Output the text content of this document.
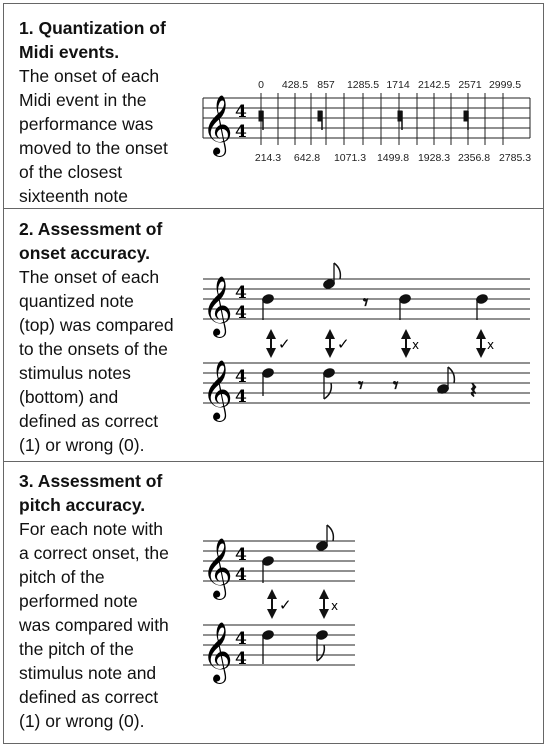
1. Quantization of
Midi events.
The onset of each
Midi event in the
performance was
moved to the onset
of the closest
sixteenth note
2. Assessment of
onset accuracy.
The onset of each
quantized note
(top) was compared
to the onsets of the
stimulus notes
(bottom) and
defined as correct
(1) or wrong (0).
3. Assessment of
pitch accuracy.
For each note with
a correct onset, the
pitch of the
performed note
was compared with
the pitch of the
stimulus note and
defined as correct
(1) or wrong (0).
𝄞 4
4
0 428.5 857 1285.5 1714 2142.5 2571 2999.5
214.3 642.8 1071.3 1499.8 1928.3 2356.8 2785.3
𝄞 4
4	𝄾
✓	✓	x	x
𝄞 4
4	𝄾 𝄾	𝄽
𝄞 4
4
✓	x
𝄞 4
4
